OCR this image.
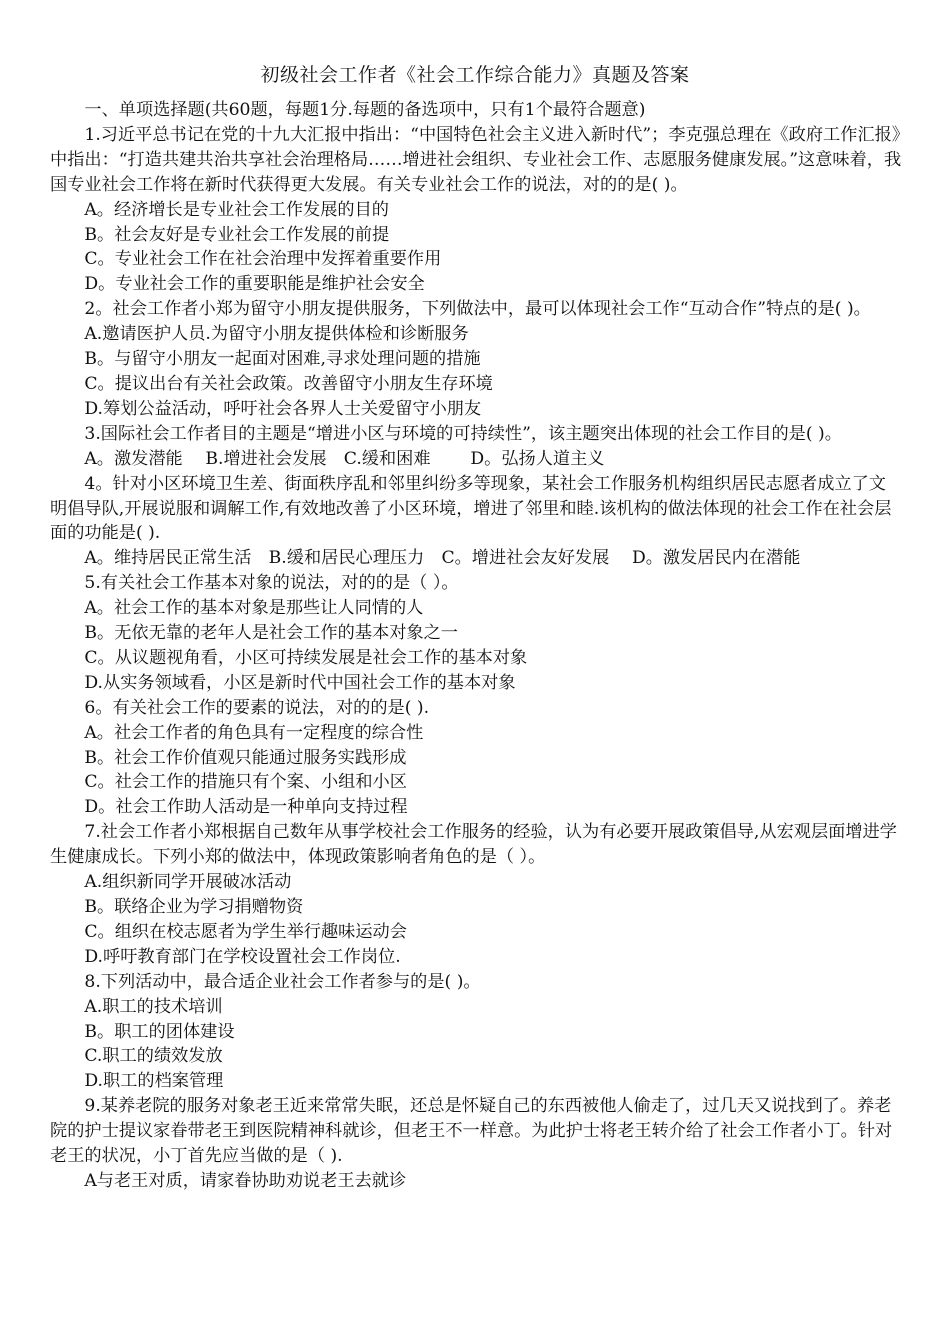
初级社会工作者《社会工作综合能力》真题及答案

一、单项选择题(共60题，每题1分.每题的备选项中，只有1个最符合题意)

1.习近平总书记在党的十九大汇报中指出：“中国特色社会主义进入新时代”；李克强总理在《政府工作汇报》中指出：“打造共建共治共享社会治理格局……增进社会组织、专业社会工作、志愿服务健康发展。”这意味着，我国专业社会工作将在新时代获得更大发展。有关专业社会工作的说法，对的的是( )。

A。经济增长是专业社会工作发展的目的

B。社会友好是专业社会工作发展的前提

C。专业社会工作在社会治理中发挥着重要作用

D。专业社会工作的重要职能是维护社会安全

2。社会工作者小郑为留守小朋友提供服务，下列做法中，最可以体现社会工作“互动合作”特点的是( )。

A.邀请医护人员.为留守小朋友提供体检和诊断服务

B。与留守小朋友一起面对困难,寻求处理问题的措施

C。提议出台有关社会政策。改善留守小朋友生存环境

D.筹划公益活动，呼吁社会各界人士关爱留守小朋友

3.国际社会工作者目的主题是“增进小区与环境的可持续性”，该主题突出体现的社会工作目的是( )。

A。激发潜能　 B.增进社会发展　C.缓和困难　　 D。弘扬人道主义

4。针对小区环境卫生差、街面秩序乱和邻里纠纷多等现象，某社会工作服务机构组织居民志愿者成立了文明倡导队,开展说服和调解工作,有效地改善了小区环境，增进了邻里和睦.该机构的做法体现的社会工作在社会层面的功能是( ).

A。维持居民正常生活　B.缓和居民心理压力　C。增进社会友好发展　 D。激发居民内在潜能

5.有关社会工作基本对象的说法，对的的是（ ）。

A。社会工作的基本对象是那些让人同情的人

B。无依无靠的老年人是社会工作的基本对象之一

C。从议题视角看，小区可持续发展是社会工作的基本对象

D.从实务领域看，小区是新时代中国社会工作的基本对象

6。有关社会工作的要素的说法，对的的是( ).

A。社会工作者的角色具有一定程度的综合性

B。社会工作价值观只能通过服务实践形成

C。社会工作的措施只有个案、小组和小区

D。社会工作助人活动是一种单向支持过程

7.社会工作者小郑根据自己数年从事学校社会工作服务的经验，认为有必要开展政策倡导,从宏观层面增进学生健康成长。下列小郑的做法中，体现政策影响者角色的是（ ）。

A.组织新同学开展破冰活动

B。联络企业为学习捐赠物资

C。组织在校志愿者为学生举行趣味运动会

D.呼吁教育部门在学校设置社会工作岗位.

8.下列活动中，最合适企业社会工作者参与的是( )。

A.职工的技术培训

B。职工的团体建设

C.职工的绩效发放

D.职工的档案管理

9.某养老院的服务对象老王近来常常失眠，还总是怀疑自己的东西被他人偷走了，过几天又说找到了。养老院的护士提议家眷带老王到医院精神科就诊，但老王不一样意。为此护士将老王转介给了社会工作者小丁。针对老王的状况，小丁首先应当做的是（ ).

A与老王对质，请家眷协助劝说老王去就诊
